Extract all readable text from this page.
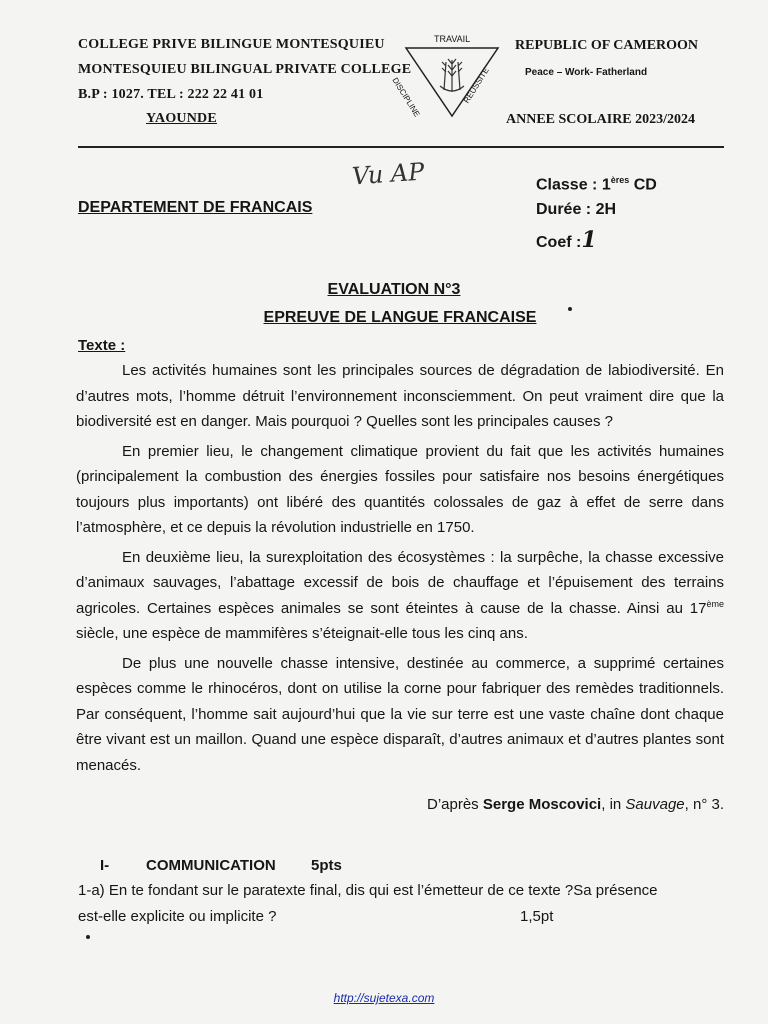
COLLEGE PRIVE BILINGUE MONTESQUIEU
MONTESQUIEU BILINGUAL PRIVATE COLLEGE
B.P : 1027. TEL : 222 22 41 01
YAOUNDE
TRAVAIL
DISCIPLINE	REUSSITE
REPUBLIC OF CAMEROON
Peace – Work- Fatherland
ANNEE SCOLAIRE 2023/2024
Vu AP
DEPARTEMENT DE FRANCAIS
Classe : 1ères CD
Durée : 2H
Coef :1
EVALUATION N°3
EPREUVE DE LANGUE FRANCAISE
Texte :

Les activités humaines sont les principales sources de dégradation de labiodiversité. En d’autres mots, l’homme détruit l’environnement inconsciemment. On peut vraiment dire que la biodiversité est en danger. Mais pourquoi ? Quelles sont les principales causes ?

En premier lieu, le changement climatique provient du fait que les activités humaines (principalement la combustion des énergies fossiles pour satisfaire nos besoins énergétiques toujours plus importants) ont libéré des quantités colossales de gaz à effet de serre dans l’atmosphère, et ce depuis la révolution industrielle en 1750.

En deuxième lieu, la surexploitation des écosystèmes : la surpêche, la chasse excessive d’animaux sauvages, l’abattage excessif de bois de chauffage et l’épuisement des terrains agricoles. Certaines espèces animales se sont éteintes à cause de la chasse. Ainsi au 17ème siècle, une espèce de mammifères s’éteignait-elle tous les cinq ans.

De plus une nouvelle chasse intensive, destinée au commerce, a supprimé certaines espèces comme le rhinocéros, dont on utilise la corne pour fabriquer des remèdes traditionnels. Par conséquent, l’homme sait aujourd’hui que la vie sur terre est une vaste chaîne dont chaque être vivant est un maillon. Quand une espèce disparaît, d’autres animaux et d’autres plantes sont menacés.

D’après Serge Moscovici, in Sauvage, n° 3.
I- COMMUNICATION 5pts
1-a) En te fondant sur le paratexte final, dis qui est l’émetteur de ce texte ?Sa présence
est-elle explicite ou implicite ?	1,5pt
http://sujetexa.com
